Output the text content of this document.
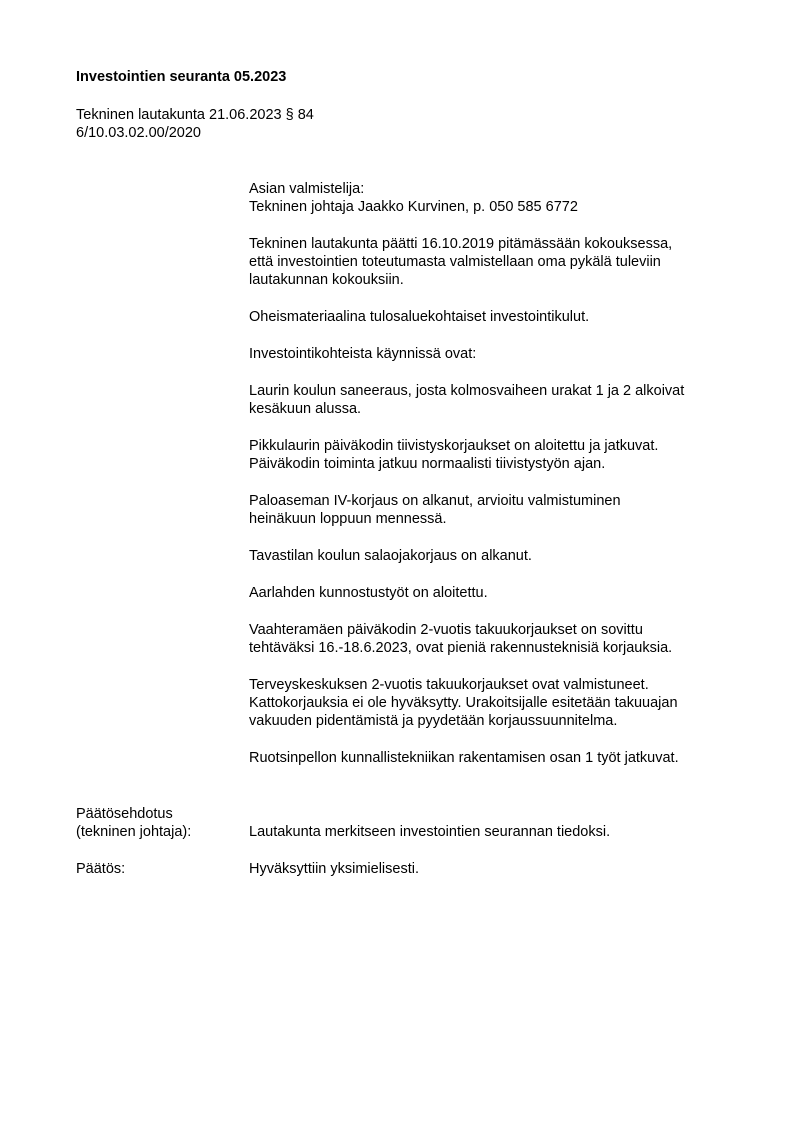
Investointien seuranta 05.2023
Tekninen lautakunta 21.06.2023 § 84
6/10.03.02.00/2020
Asian valmistelija:
Tekninen johtaja Jaakko Kurvinen, p. 050 585 6772
Tekninen lautakunta päätti 16.10.2019 pitämässään kokouksessa,
että investointien toteutumasta valmistellaan oma pykälä tuleviin
lautakunnan kokouksiin.
Oheismateriaalina tulosaluekohtaiset investointikulut.
Investointikohteista käynnissä ovat:
Laurin koulun saneeraus, josta kolmosvaiheen urakat 1 ja 2 alkoivat
kesäkuun alussa.
Pikkulaurin päiväkodin tiivistyskorjaukset on aloitettu ja jatkuvat.
Päiväkodin toiminta jatkuu normaalisti tiivistystyön ajan.
Paloaseman IV-korjaus on alkanut, arvioitu valmistuminen
heinäkuun loppuun mennessä.
Tavastilan koulun salaojakorjaus on alkanut.
Aarlahden kunnostustyöt on aloitettu.
Vaahteramäen päiväkodin 2-vuotis takuukorjaukset on sovittu
tehtäväksi 16.-18.6.2023, ovat pieniä rakennusteknisiä korjauksia.
Terveyskeskuksen 2-vuotis takuukorjaukset ovat valmistuneet.
Kattokorjauksia ei ole hyväksytty. Urakoitsijalle esitetään takuuajan
vakuuden pidentämistä ja pyydetään korjaussuunnitelma.
Ruotsinpellon kunnallistekniikan rakentamisen osan 1 työt jatkuvat.
Päätösehdotus
(tekninen johtaja):	Lautakunta merkitseen investointien seurannan tiedoksi.
Päätös:	Hyväksyttiin yksimielisesti.
